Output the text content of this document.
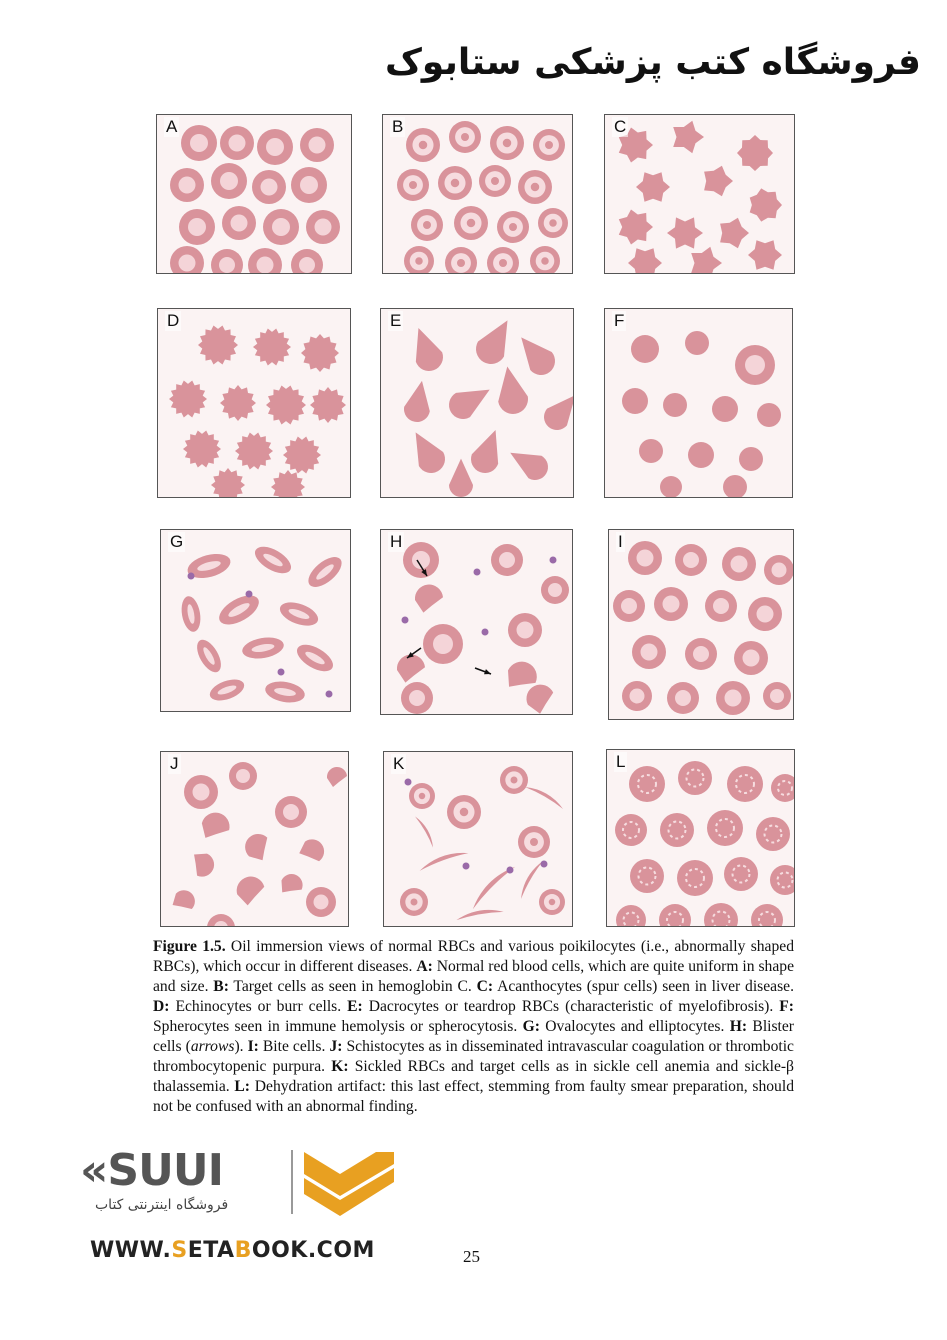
فروشگاه کتب پزشکی ستابوک
A	B	C
D	E	F
G	H	I
J	K	L
Figure 1.5. Oil immersion views of normal RBCs and various poikilocytes (i.e., abnormally shaped RBCs), which occur in different diseases. A: Normal red blood cells, which are quite uniform in shape and size. B: Target cells as seen in hemoglobin C. C: Acanthocytes (spur cells) seen in liver disease. D: Echinocytes or burr cells. E: Dacrocytes or teardrop RBCs (characteristic of myelofibrosis). F: Spherocytes seen in immune hemolysis or spherocytosis. G: Ovalocytes and elliptocytes. H: Blister cells (arrows). I: Bite cells. J: Schistocytes as in disseminated intravascular coagulation or thrombotic thrombocytopenic purpura. K: Sickled RBCs and target cells as in sickle cell anemia and sickle-β thalassemia. L: Dehydration artifact: this last effect, stemming from faulty smear preparation, should not be confused with an abnormal finding.
«SUUI
فروشگاه اینترنتی کتاب
WWW.SETABOOK.COM	25
